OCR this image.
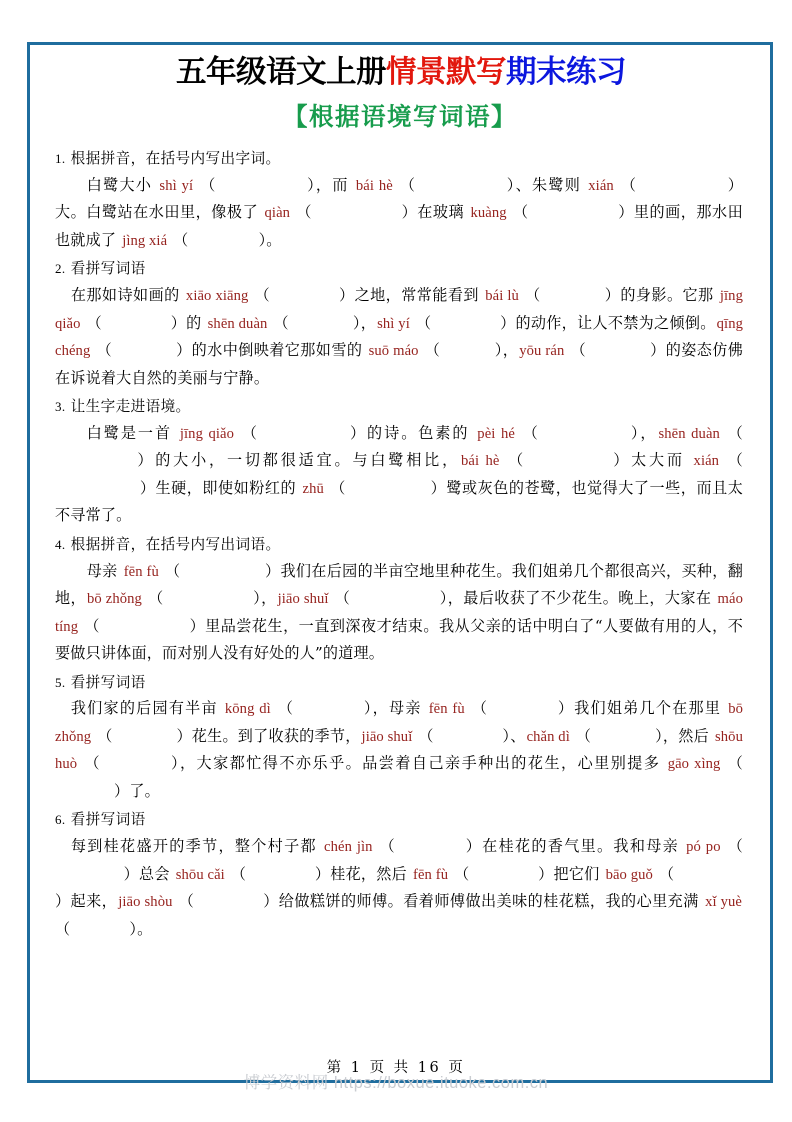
五年级语文上册情景默写期末练习
【根据语境写词语】
1. 根据拼音，在括号内写出字词。
白鹭大小 shì yí （	），而 bái hè （	）、朱鹭则 xián （	）大。白鹭站在水田里，像极了 qiàn （	）在玻璃 kuàng （	）里的画，那水田也就成了 jìng xiá （	）。
2. 看拼写词语
在那如诗如画的 xiāo xiāng （	）之地，常常能看到 bái lù （	）的身影。它那 jīng qiǎo （	）的 shēn duàn （	），shì yí （	）的动作，让人不禁为之倾倒。qīng chéng （	）的水中倒映着它那如雪的 suō máo （	），yōu rán （	）的姿态仿佛在诉说着大自然的美丽与宁静。
3. 让生字走进语境。
白鹭是一首 jīng qiǎo （	）的诗。色素的 pèi hé （	），shēn duàn （          ）的大小，一切都很适宜。与白鹭相比，bái hè （	）太大而 xián （           ）生硬，即使如粉红的 zhū （	）鹭或灰色的苍鹭，也觉得大了一些，而且太不寻常了。
4. 根据拼音，在括号内写出词语。
母亲 fēn fù （	）我们在后园的半亩空地里种花生。我们姐弟几个都很高兴，买种，翻地，bō zhǒng （	），jiāo shuǐ （	），最后收获了不少花生。晚上，大家在 máo tíng （	）里品尝花生，一直到深夜才结束。我从父亲的话中明白了“人要做有用的人，不要做只讲体面，而对别人没有好处的人”的道理。
5. 看拼写词语
我们家的后园有半亩 kōng dì （	），母亲 fēn fù （	）我们姐弟几个在那里 bō zhǒng （	）花生。到了收获的季节，jiāo shuǐ （	）、chǎn dì （	），然后 shōu huò （	），大家都忙得不亦乐乎。品尝着自己亲手种出的花生，心里别提多 gāo xìng （         ）了。
6. 看拼写词语
每到桂花盛开的季节，整个村子都 chén jìn （	）在桂花的香气里。我和母亲 pó po （           ）总会 shōu cǎi （	）桂花，然后 fēn fù （	）把它们 bāo guǒ （           ）起来，jiāo shòu （	）给做糕饼的师傅。看着师傅做出美味的桂花糕，我的心里充满 xǐ yuè （	）。
第 1 页 共 16 页
博学资料网 https://boxue.ituoke.com.cn
